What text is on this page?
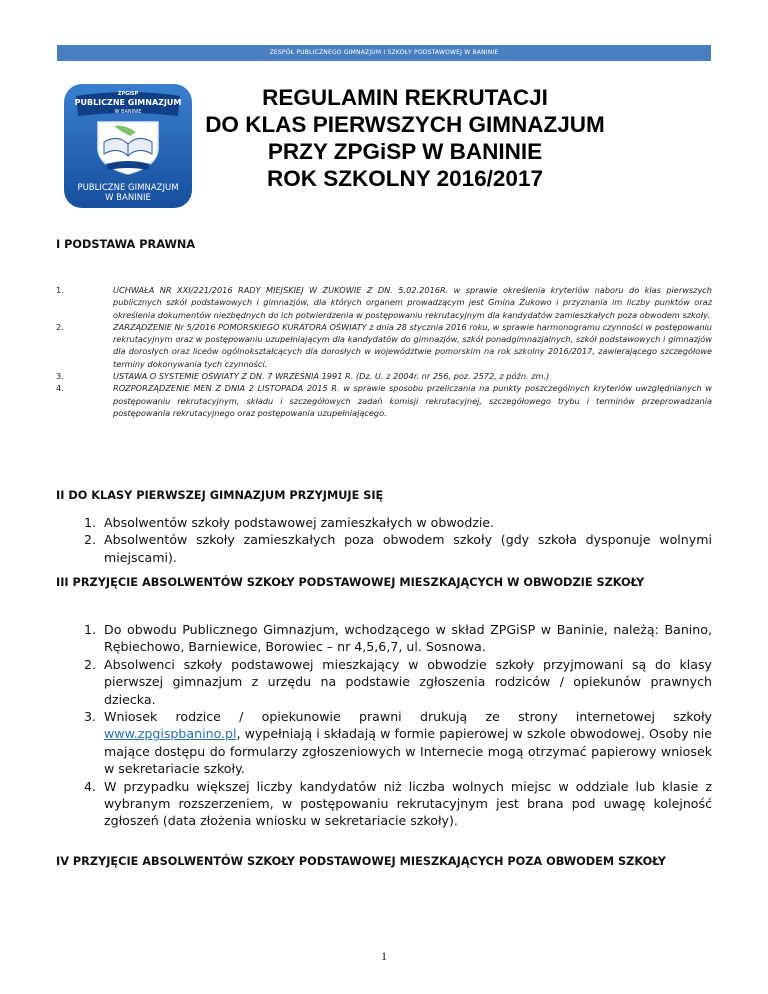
ZESPÓŁ PUBLICZNEGO GIMNAZJUM I SZKOŁY PODSTAWOWEJ W BANINIE
ZPGiSP
PUBLICZNE GIMNAZJUM
W BANINIE
PUBLICZNE GIMNAZJUM
W BANINIE
REGULAMIN REKRUTACJI
DO KLAS PIERWSZYCH GIMNAZJUM
PRZY ZPGiSP W BANINIE
ROK SZKOLNY 2016/2017
I PODSTAWA PRAWNA
1.	UCHWAŁA NR XXI/221/2016 RADY MIEJSKIEJ W ŻUKOWIE Z DN. 5.02.2016R. w sprawie określenia kryteriów naboru do klas pierwszych publicznych szkół podstawowych i gimnazjów, dla których organem prowadzącym jest Gmina Żukowo i przyznania im liczby punktów oraz określenia dokumentów niezbędnych do ich potwierdzenia w postępowaniu rekrutacyjnym dla kandydatów zamieszkałych poza obwodem szkoły.
2.	ZARZĄDZENIE Nr 5/2016 POMORSKIEGO KURATORA OŚWIATY z dnia 28 stycznia 2016 roku, w sprawie harmonogramu czynności w postępowaniu rekrutacyjnym oraz w postępowaniu uzupełniającym dla kandydatów do gimnazjów, szkół ponadgimnazjalnych, szkół podstawowych i gimnazjów dla dorosłych oraz liceów ogólnokształcących dla dorosłych w województwie pomorskim na rok szkolny 2016/2017, zawierającego szczegółowe terminy dokonywania tych czynności.
3.	USTAWA O SYSTEMIE OŚWIATY Z DN. 7 WRZEŚNIA 1991 R. (Dz. U. z 2004r. nr 256, poz. 2572, z późn. zm.)
4.	ROZPORZĄDZENIE MEN Z DNIA 2 LISTOPADA 2015 R. w sprawie sposobu przeliczania na punkty poszczególnych kryteriów uwzględnianych w postępowaniu rekrutacyjnym, składu i szczegółowych zadań komisji rekrutacyjnej, szczegółowego trybu i terminów przeprowadzania postępowania rekrutacyjnego oraz postępowania uzupełniającego.
II DO KLASY PIERWSZEJ GIMNAZJUM PRZYJMUJE SIĘ
1. Absolwentów szkoły podstawowej zamieszkałych w obwodzie.
2. Absolwentów szkoły zamieszkałych poza obwodem szkoły (gdy szkoła dysponuje wolnymi miejscami).
III PRZYJĘCIE ABSOLWENTÓW SZKOŁY PODSTAWOWEJ MIESZKAJĄCYCH W OBWODZIE SZKOŁY
1. Do obwodu Publicznego Gimnazjum, wchodzącego w skład ZPGiSP w Baninie, należą: Banino, Rębiechowo, Barniewice, Borowiec – nr 4,5,6,7, ul. Sosnowa.
2. Absolwenci szkoły podstawowej mieszkający w obwodzie szkoły przyjmowani są do klasy pierwszej gimnazjum z urzędu na podstawie zgłoszenia rodziców / opiekunów prawnych dziecka.
3. Wniosek rodzice / opiekunowie prawni drukują ze strony internetowej szkoły www.zpgispbanino.pl, wypełniają i składają w formie papierowej w szkole obwodowej. Osoby nie mające dostępu do formularzy zgłoszeniowych w Internecie mogą otrzymać papierowy wniosek w sekretariacie szkoły.
4. W przypadku większej liczby kandydatów niż liczba wolnych miejsc w oddziale lub klasie z wybranym rozszerzeniem, w postępowaniu rekrutacyjnym jest brana pod uwagę kolejność zgłoszeń (data złożenia wniosku w sekretariacie szkoły).
IV PRZYJĘCIE ABSOLWENTÓW SZKOŁY PODSTAWOWEJ MIESZKAJĄCYCH POZA OBWODEM SZKOŁY
1
